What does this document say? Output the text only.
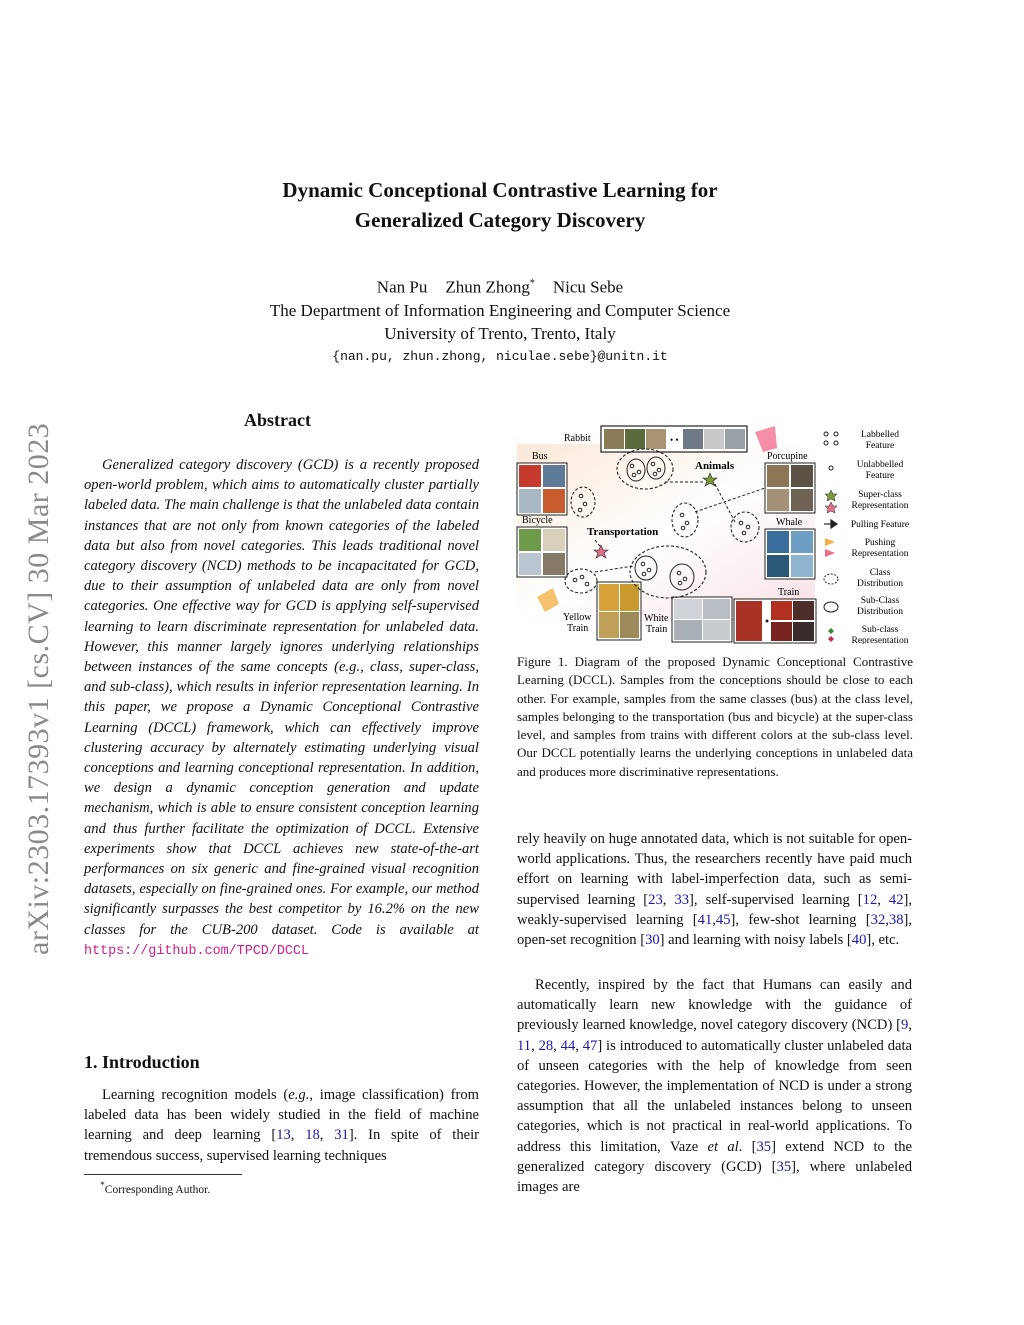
arXiv:2303.17393v1 [cs.CV] 30 Mar 2023
Dynamic Conceptional Contrastive Learning for
Generalized Category Discovery
Nan Pu Zhun Zhong* Nicu Sebe
The Department of Information Engineering and Computer Science
University of Trento, Trento, Italy
{nan.pu, zhun.zhong, niculae.sebe}@unitn.it
Abstract

Generalized category discovery (GCD) is a recently proposed open-world problem, which aims to automatically cluster partially labeled data. The main challenge is that the unlabeled data contain instances that are not only from known categories of the labeled data but also from novel categories. This leads traditional novel category discovery (NCD) methods to be incapacitated for GCD, due to their assumption of unlabeled data are only from novel categories. One effective way for GCD is applying self-supervised learning to learn discriminate representation for unlabeled data. However, this manner largely ignores underlying relationships between instances of the same concepts (e.g., class, super-class, and sub-class), which results in inferior representation learning. In this paper, we propose a Dynamic Conceptional Contrastive Learning (DCCL) framework, which can effectively improve clustering accuracy by alternately estimating underlying visual conceptions and learning conceptional representation. In addition, we design a dynamic conception generation and update mechanism, which is able to ensure consistent conception learning and thus further facilitate the optimization of DCCL. Extensive experiments show that DCCL achieves new state-of-the-art performances on six generic and fine-grained visual recognition datasets, especially on fine-grained ones. For example, our method significantly surpasses the best competitor by 16.2% on the new classes for the CUB-200 dataset. Code is available at https://github.com/TPCD/DCCL

1. Introduction

Learning recognition models (e.g., image classification) from labeled data has been widely studied in the field of machine learning and deep learning [13, 18, 31]. In spite of their tremendous success, supervised learning techniques

*Corresponding Author.
Rabbit	• •
Bus
Bicycle
Porcupine
Whale
Train
Yellow
Train
White
Train
Animals
Transportation
Labbelled
Feature
Unlabbelled
Feature
Super-class
Representation
Pulling Feature
Pushing
Representation
Class
Distribution
Sub-Class
Distribution
Sub-class
Representation
Figure 1. Diagram of the proposed Dynamic Conceptional Contrastive Learning (DCCL). Samples from the conceptions should be close to each other. For example, samples from the same classes (bus) at the class level, samples belonging to the transportation (bus and bicycle) at the super-class level, and samples from trains with different colors at the sub-class level. Our DCCL potentially learns the underlying conceptions in unlabeled data and produces more discriminative representations.

rely heavily on huge annotated data, which is not suitable for open-world applications. Thus, the researchers recently have paid much effort on learning with label-imperfection data, such as semi-supervised learning [23, 33], self-supervised learning [12, 42], weakly-supervised learning [41,45], few-shot learning [32,38], open-set recognition [30] and learning with noisy labels [40], etc.

Recently, inspired by the fact that Humans can easily and automatically learn new knowledge with the guidance of previously learned knowledge, novel category discovery (NCD) [9, 11, 28, 44, 47] is introduced to automatically cluster unlabeled data of unseen categories with the help of knowledge from seen categories. However, the implementation of NCD is under a strong assumption that all the unlabeled instances belong to unseen categories, which is not practical in real-world applications. To address this limitation, Vaze et al. [35] extend NCD to the generalized category discovery (GCD) [35], where unlabeled images are
